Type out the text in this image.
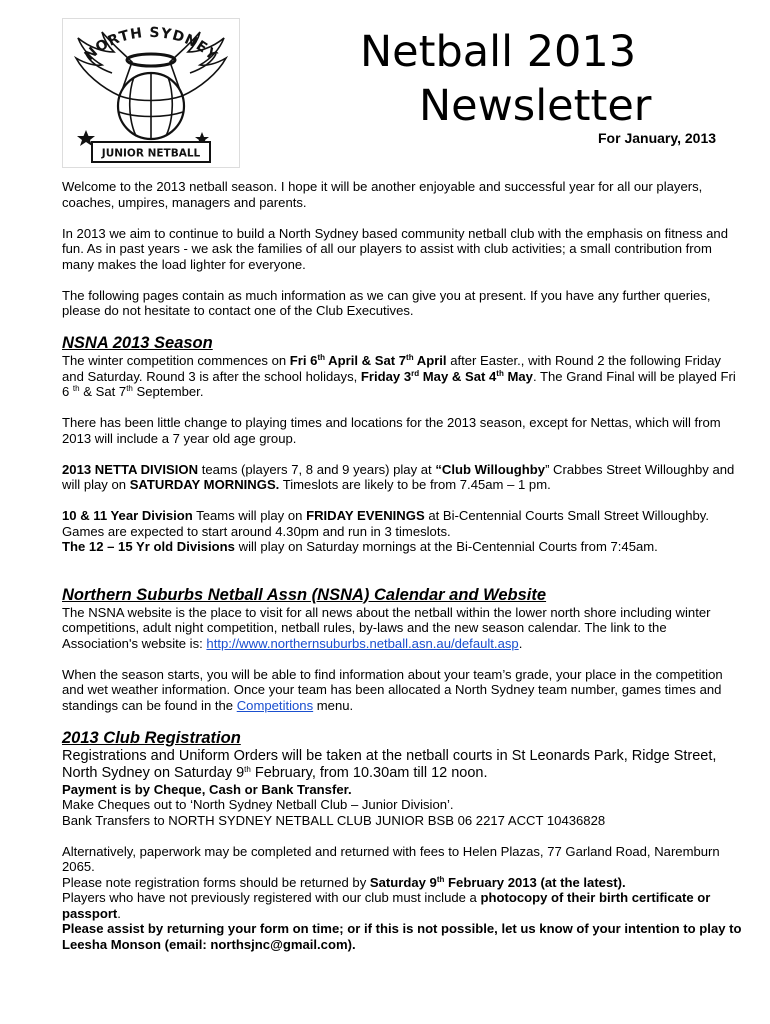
NORTH SYDNEY
JUNIOR NETBALL
Netball 2013
Newsletter
For January, 2013

Welcome to the 2013 netball season. I hope it will be another enjoyable and successful year for all our players, coaches, umpires, managers and parents.

In 2013 we aim to continue to build a North Sydney based community netball club with the emphasis on fitness and fun. As in past years - we ask the families of all our players to assist with club activities; a small contribution from many makes the load lighter for everyone.

The following pages contain as much information as we can give you at present. If you have any further queries, please do not hesitate to contact one of the Club Executives.

NSNA 2013 Season

The winter competition commences on Fri 6th April & Sat 7th April after Easter., with Round 2 the following Friday and Saturday. Round 3 is after the school holidays, Friday 3rd May & Sat 4th May. The Grand Final will be played Fri 6 $^{th}$ & Sat 7th September.

There has been little change to playing times and locations for the 2013 season, except for Nettas, which will from 2013 will include a 7 year old age group.

2013 NETTA DIVISION teams (players 7, 8 and 9 years) play at “Club Willoughby” Crabbes Street Willoughby and will play on SATURDAY MORNINGS. Timeslots are likely to be from 7.45am – 1 pm.

10 & 11 Year Division Teams will play on FRIDAY EVENINGS at Bi-Centennial Courts Small Street Willoughby. Games are expected to start around 4.30pm and run in 3 timeslots.

The 12 – 15 Yr old Divisions will play on Saturday mornings at the Bi-Centennial Courts from 7:45am.

Northern Suburbs Netball Assn (NSNA) Calendar and Website

The NSNA website is the place to visit for all news about the netball within the lower north shore including winter competitions, adult night competition, netball rules, by-laws and the new season calendar. The link to the Association's website is: http://www.northernsuburbs.netball.asn.au/default.asp.

When the season starts, you will be able to find information about your team’s grade, your place in the competition and wet weather information. Once your team has been allocated a North Sydney team number, games times and standings can be found in the Competitions menu.

2013 Club Registration

Registrations and Uniform Orders will be taken at the netball courts in St Leonards Park, Ridge Street, North Sydney on Saturday 9th February, from 10.30am till 12 noon.

Payment is by Cheque, Cash or Bank Transfer.

Make Cheques out to ‘North Sydney Netball Club – Junior Division’.

Bank Transfers to NORTH SYDNEY NETBALL CLUB JUNIOR BSB 06 2217 ACCT 10436828

Alternatively, paperwork may be completed and returned with fees to Helen Plazas, 77 Garland Road, Naremburn 2065.

Please note registration forms should be returned by Saturday 9th February 2013 (at the latest).

Players who have not previously registered with our club must include a photocopy of their birth certificate or passport.

Please assist by returning your form on time; or if this is not possible, let us know of your intention to play to Leesha Monson (email: northsjnc@gmail.com).
